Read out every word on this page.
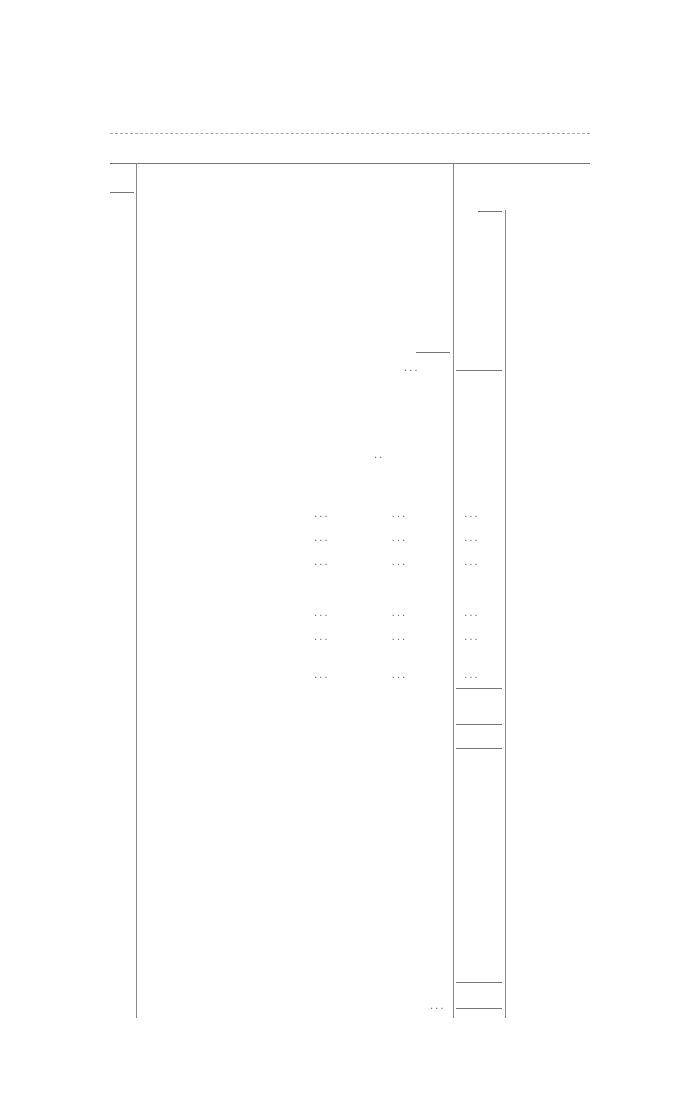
...
..
...            ...           ...
...            ...           ...
...            ...           ...
...            ...           ...
...            ...           ...
...            ...           ...
...
